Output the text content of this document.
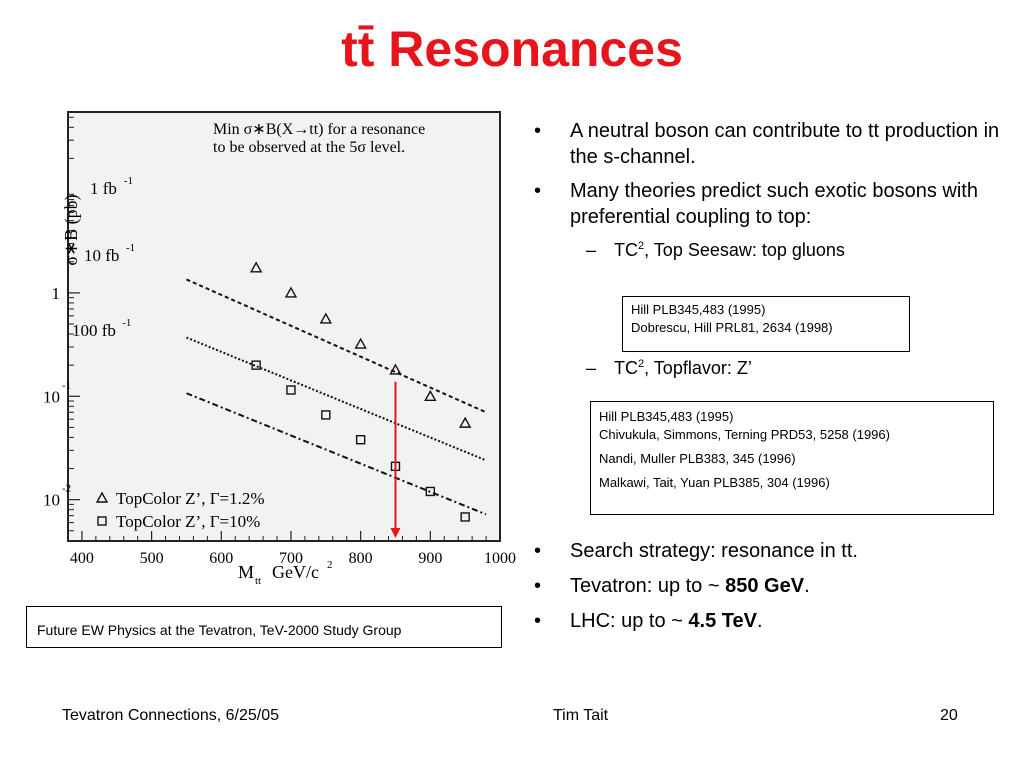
tt̄ Resonances
Min σ∗B(X→tt) for a resonance
to be observed at the 5σ level.
400	500	600	700	800	900	1000
1
10
-1
10
-2
σ∗B (pb)
M tt GeV/c 2
1 fb -1
10 fb -1
100 fb -1
TopColor Z’, Γ=1.2%
TopColor Z’, Γ=10%
Future EW Physics at the Tevatron, TeV-2000 Study Group
• A neutral boson can contribute to tt production in the s-channel.
• Many theories predict such exotic bosons with preferential coupling to top:
– $TC^2$, Top Seesaw: top gluons
Hill PLB345,483 (1995)
Dobrescu, Hill PRL81, 2634 (1998)
– $TC^2$, Topflavor: Z’
Hill PLB345,483 (1995)
Chivukula, Simmons, Terning PRD53, 5258 (1996)
Nandi, Muller PLB383, 345 (1996)
Malkawi, Tait, Yuan PLB385, 304 (1996)
• Search strategy: resonance in tt.
• Tevatron: up to ~ 850 GeV.
• LHC: up to ~ 4.5 TeV.
Tevatron Connections, 6/25/05	Tim Tait	20
